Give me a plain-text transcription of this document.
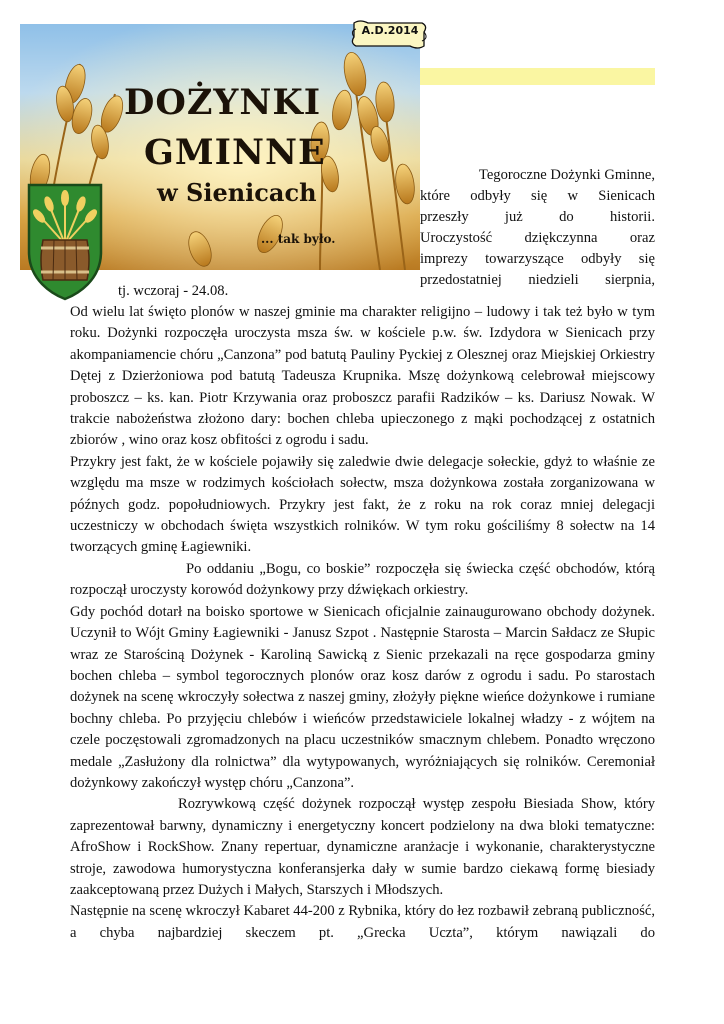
DOŻYNKI
GMINNE
w Sienicach
... tak było.
A.D.2014
Tegoroczne Dożynki Gminne,
które odbyły się w Sienicach
przeszły już do historii.
Uroczystość dziękczynna oraz
imprezy towarzyszące odbyły się
przedostatniej niedzieli sierpnia,
tj. wczoraj - 24.08.

Od wielu lat święto plonów w naszej gminie ma charakter religijno – ludowy i tak też było w tym roku. Dożynki rozpoczęła uroczysta msza św. w kościele p.w. św. Izdydora w Sienicach przy akompaniamencie chóru „Canzona” pod batutą Pauliny Pyckiej z Olesznej oraz Miejskiej Orkiestry Dętej z Dzierżoniowa pod batutą Tadeusza Krupnika. Mszę dożynkową celebrował miejscowy proboszcz – ks. kan. Piotr Krzywania oraz proboszcz parafii Radzików – ks. Dariusz Nowak. W trakcie nabożeństwa złożono dary: bochen chleba upieczonego z mąki pochodzącej z ostatnich zbiorów , wino oraz kosz obfitości z ogrodu i sadu.

Przykry jest fakt, że w kościele pojawiły się zaledwie dwie delegacje sołeckie, gdyż to właśnie ze względu ma msze w rodzimych kościołach sołectw, msza dożynkowa została zorganizowana w późnych godz. popołudniowych. Przykry jest fakt, że z roku na rok coraz mniej delegacji uczestniczy w obchodach święta wszystkich rolników. W tym roku gościliśmy 8 sołectw na 14 tworzących gminę Łagiewniki.

Po oddaniu „Bogu, co boskie” rozpoczęła się świecka część obchodów, którą rozpoczął uroczysty korowód dożynkowy przy dźwiękach orkiestry.

Gdy pochód dotarł na boisko sportowe w Sienicach oficjalnie zainaugurowano obchody dożynek. Uczynił to Wójt Gminy Łagiewniki - Janusz Szpot . Następnie Starosta – Marcin Sałdacz ze Słupic wraz ze Starościną Dożynek - Karoliną Sawicką z Sienic przekazali na ręce gospodarza gminy bochen chleba – symbol tegorocznych plonów oraz kosz darów z ogrodu i sadu. Po starostach dożynek na scenę wkroczyły sołectwa z naszej gminy, złożyły piękne wieńce dożynkowe i rumiane bochny chleba. Po przyjęciu chlebów i wieńców przedstawiciele lokalnej władzy - z wójtem na czele poczęstowali zgromadzonych na placu uczestników smacznym chlebem. Ponadto wręczono medale „Zasłużony dla rolnictwa” dla wytypowanych, wyróżniających się rolników. Ceremoniał dożynkowy zakończył występ chóru „Canzona”.

Rozrywkową część dożynek rozpoczął występ zespołu Biesiada Show, który zaprezentował barwny, dynamiczny i energetyczny koncert podzielony na dwa bloki tematyczne: AfroShow i RockShow. Znany repertuar, dynamiczne aranżacje i wykonanie, charakterystyczne stroje, zawodowa humorystyczna konferansjerka dały w sumie bardzo ciekawą formę biesiady zaakceptowaną przez Dużych i Małych, Starszych i Młodszych.

Następnie na scenę wkroczył Kabaret 44-200 z Rybnika, który do łez rozbawił zebraną publiczność, a chyba najbardziej skeczem pt. „Grecka Uczta”, którym nawiązali do
